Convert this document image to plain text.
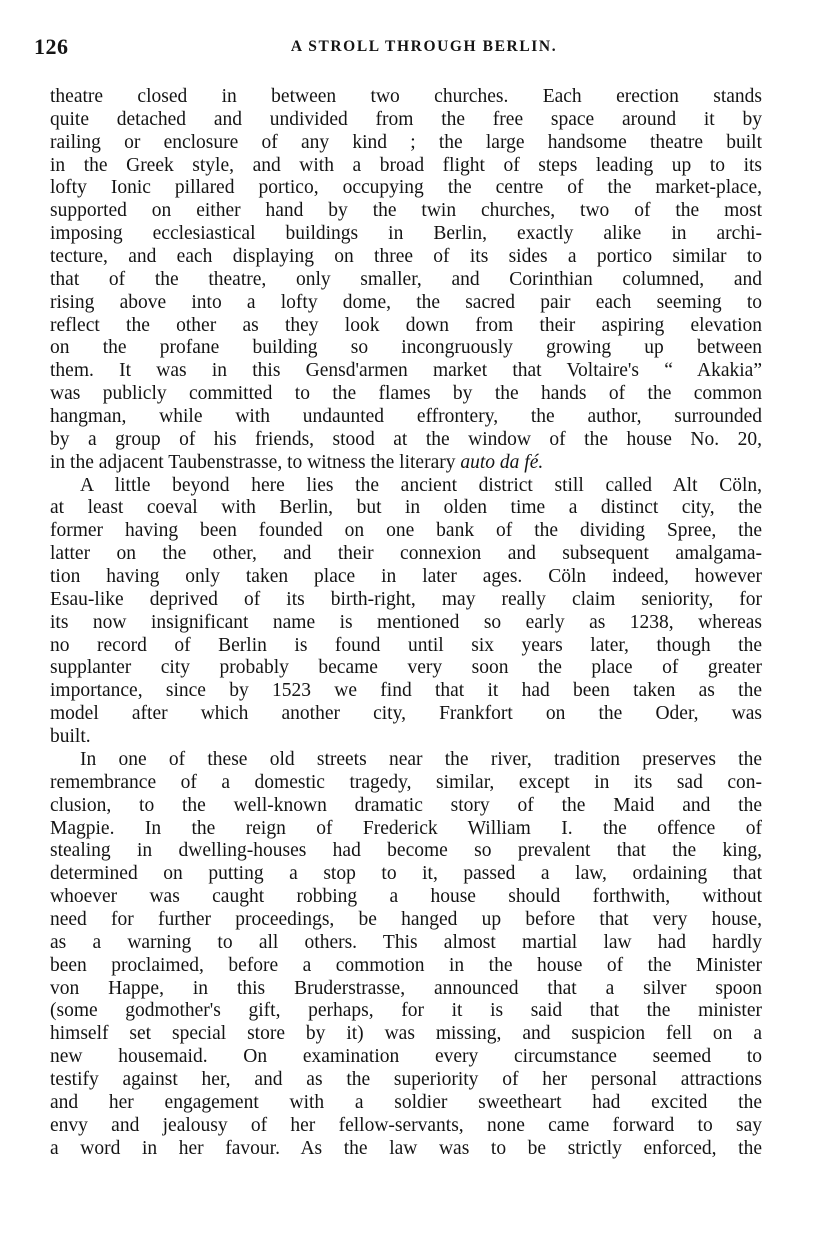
126	A STROLL THROUGH BERLIN.
theatre closed in between two churches. Each erection stands
quite detached and undivided from the free space around it by
railing or enclosure of any kind ; the large handsome theatre built
in the Greek style, and with a broad flight of steps leading up to its
lofty Ionic pillared portico, occupying the centre of the market-place,
supported on either hand by the twin churches, two of the most
imposing ecclesiastical buildings in Berlin, exactly alike in archi-
tecture, and each displaying on three of its sides a portico similar to
that of the theatre, only smaller, and Corinthian columned, and
rising above into a lofty dome, the sacred pair each seeming to
reflect the other as they look down from their aspiring elevation
on the profane building so incongruously growing up between
them. It was in this Gensd'armen market that Voltaire's “ Akakia”
was publicly committed to the flames by the hands of the common
hangman, while with undaunted effrontery, the author, surrounded
by a group of his friends, stood at the window of the house No. 20,
in the adjacent Taubenstrasse, to witness the literary auto da fé.
A little beyond here lies the ancient district still called Alt Cöln,
at least coeval with Berlin, but in olden time a distinct city, the
former having been founded on one bank of the dividing Spree, the
latter on the other, and their connexion and subsequent amalgama-
tion having only taken place in later ages. Cöln indeed, however
Esau-like deprived of its birth-right, may really claim seniority, for
its now insignificant name is mentioned so early as 1238, whereas
no record of Berlin is found until six years later, though the
supplanter city probably became very soon the place of greater
importance, since by 1523 we find that it had been taken as the
model after which another city, Frankfort on the Oder, was
built.
In one of these old streets near the river, tradition preserves the
remembrance of a domestic tragedy, similar, except in its sad con-
clusion, to the well-known dramatic story of the Maid and the
Magpie. In the reign of Frederick William I. the offence of
stealing in dwelling-houses had become so prevalent that the king,
determined on putting a stop to it, passed a law, ordaining that
whoever was caught robbing a house should forthwith, without
need for further proceedings, be hanged up before that very house,
as a warning to all others. This almost martial law had hardly
been proclaimed, before a commotion in the house of the Minister
von Happe, in this Bruderstrasse, announced that a silver spoon
(some godmother's gift, perhaps, for it is said that the minister
himself set special store by it) was missing, and suspicion fell on a
new housemaid. On examination every circumstance seemed to
testify against her, and as the superiority of her personal attractions
and her engagement with a soldier sweetheart had excited the
envy and jealousy of her fellow-servants, none came forward to say
a word in her favour. As the law was to be strictly enforced, the
